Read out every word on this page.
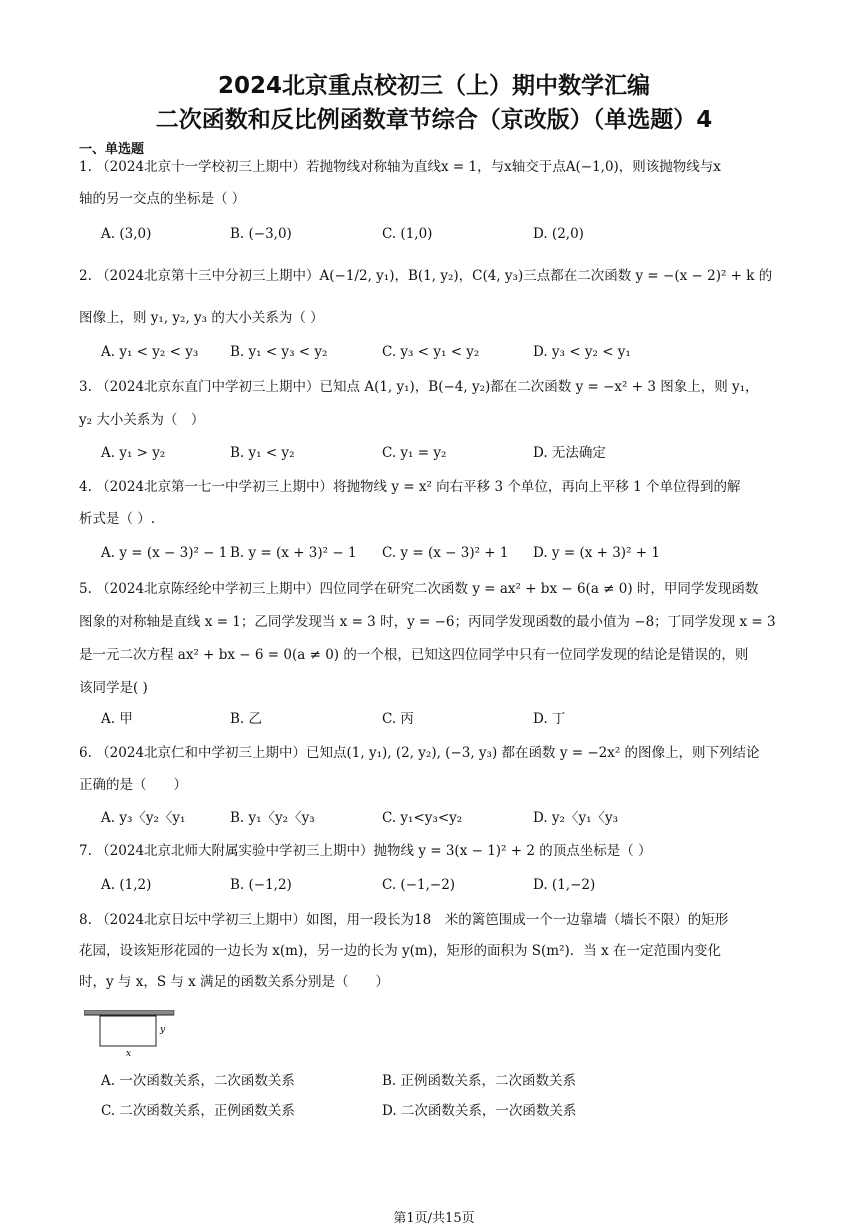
2024北京重点校初三（上）期中数学汇编
二次函数和反比例函数章节综合（京改版）（单选题）4
一、单选题
1. （2024北京十一学校初三上期中）若抛物线对称轴为直线x = 1，与x轴交于点A(−1,0)，则该抛物线与x
轴的另一交点的坐标是（ ）
A. (3,0)	B. (−3,0)	C. (1,0)	D. (2,0)
2. （2024北京第十三中分初三上期中）A(−1/2, y₁)，B(1, y₂)，C(4, y₃)三点都在二次函数 y = −(x − 2)² + k 的
图像上，则 y₁, y₂, y₃ 的大小关系为（ ）
A. y₁ < y₂ < y₃ B. y₁ < y₃ < y₂	C. y₃ < y₁ < y₂	D. y₃ < y₂ < y₁
3. （2024北京东直门中学初三上期中）已知点 A(1, y₁)，B(−4, y₂)都在二次函数 y = −x² + 3 图象上，则 y₁，
y₂ 大小关系为（　）
A. y₁ > y₂	B. y₁ < y₂	C. y₁ = y₂	D. 无法确定
4. （2024北京第一七一中学初三上期中）将抛物线 y = x² 向右平移 3 个单位，再向上平移 1 个单位得到的解
析式是（ ）.
A. y = (x − 3)² − 1 B. y = (x + 3)² − 1 C. y = (x − 3)² + 1 D. y = (x + 3)² + 1
5. （2024北京陈经纶中学初三上期中）四位同学在研究二次函数 y = ax² + bx − 6(a ≠ 0) 时，甲同学发现函数
图象的对称轴是直线 x = 1；乙同学发现当 x = 3 时，y = −6；丙同学发现函数的最小值为 −8；丁同学发现 x = 3
是一元二次方程 ax² + bx − 6 = 0(a ≠ 0) 的一个根，已知这四位同学中只有一位同学发现的结论是错误的，则
该同学是( )
A. 甲	B. 乙	C. 丙	D. 丁
6. （2024北京仁和中学初三上期中）已知点(1, y₁), (2, y₂), (−3, y₃) 都在函数 y = −2x² 的图像上，则下列结论
正确的是（　　）
A. y₃〈y₂〈y₁	B. y₁〈y₂〈y₃	C. y₁<y₃<y₂	D. y₂〈y₁〈y₃
7. （2024北京北师大附属实验中学初三上期中）抛物线 y = 3(x − 1)² + 2 的顶点坐标是（ ）
A. (1,2)	B. (−1,2)	C. (−1,−2)	D. (1,−2)
8. （2024北京日坛中学初三上期中）如图，用一段长为18　米的篱笆围成一个一边靠墙（墙长不限）的矩形
花园，设该矩形花园的一边长为 x(m)，另一边的长为 y(m)，矩形的面积为 S(m²)．当 x 在一定范围内变化
时，y 与 x，S 与 x 满足的函数关系分别是（　　）
y
x
A. 一次函数关系，二次函数关系	B. 正例函数关系，二次函数关系
C. 二次函数关系，正例函数关系	D. 二次函数关系，一次函数关系
第1页/共15页
